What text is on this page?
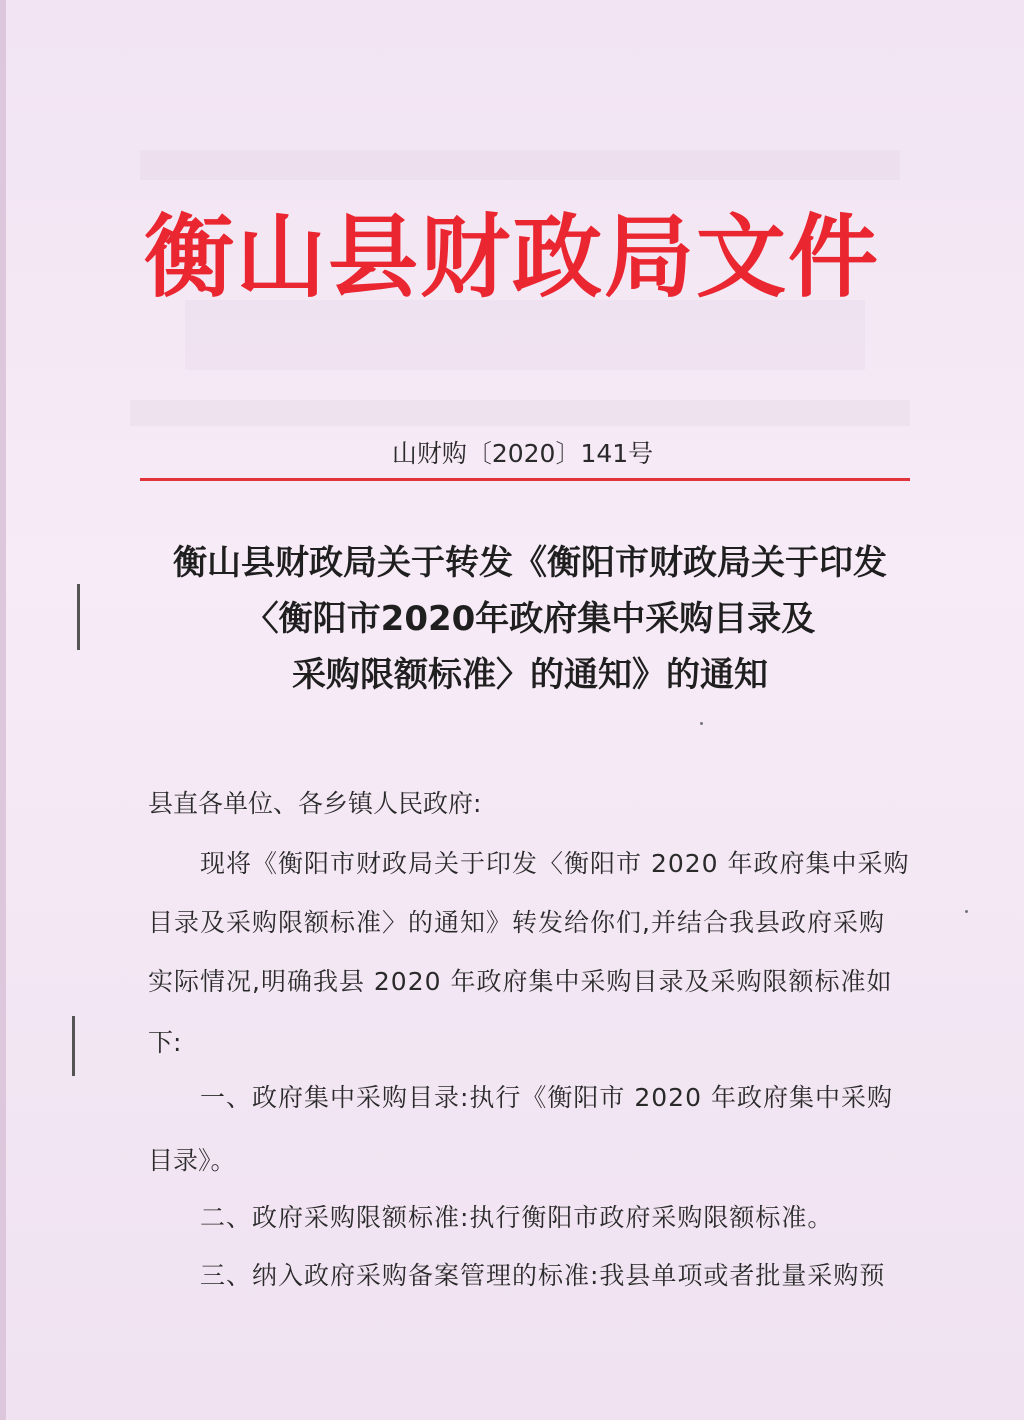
衡山县财政局文件
山财购〔2020〕141号
衡山县财政局关于转发《衡阳市财政局关于印发
〈衡阳市2020年政府集中采购目录及
采购限额标准〉的通知》的通知

县直各单位、各乡镇人民政府:

现将《衡阳市财政局关于印发〈衡阳市 2020 年政府集中采购

目录及采购限额标准〉的通知》转发给你们,并结合我县政府采购

实际情况,明确我县 2020 年政府集中采购目录及采购限额标准如

下:

一、政府集中采购目录:执行《衡阳市 2020 年政府集中采购

目录》。

二、政府采购限额标准:执行衡阳市政府采购限额标准。

三、纳入政府采购备案管理的标准:我县单项或者批量采购预
